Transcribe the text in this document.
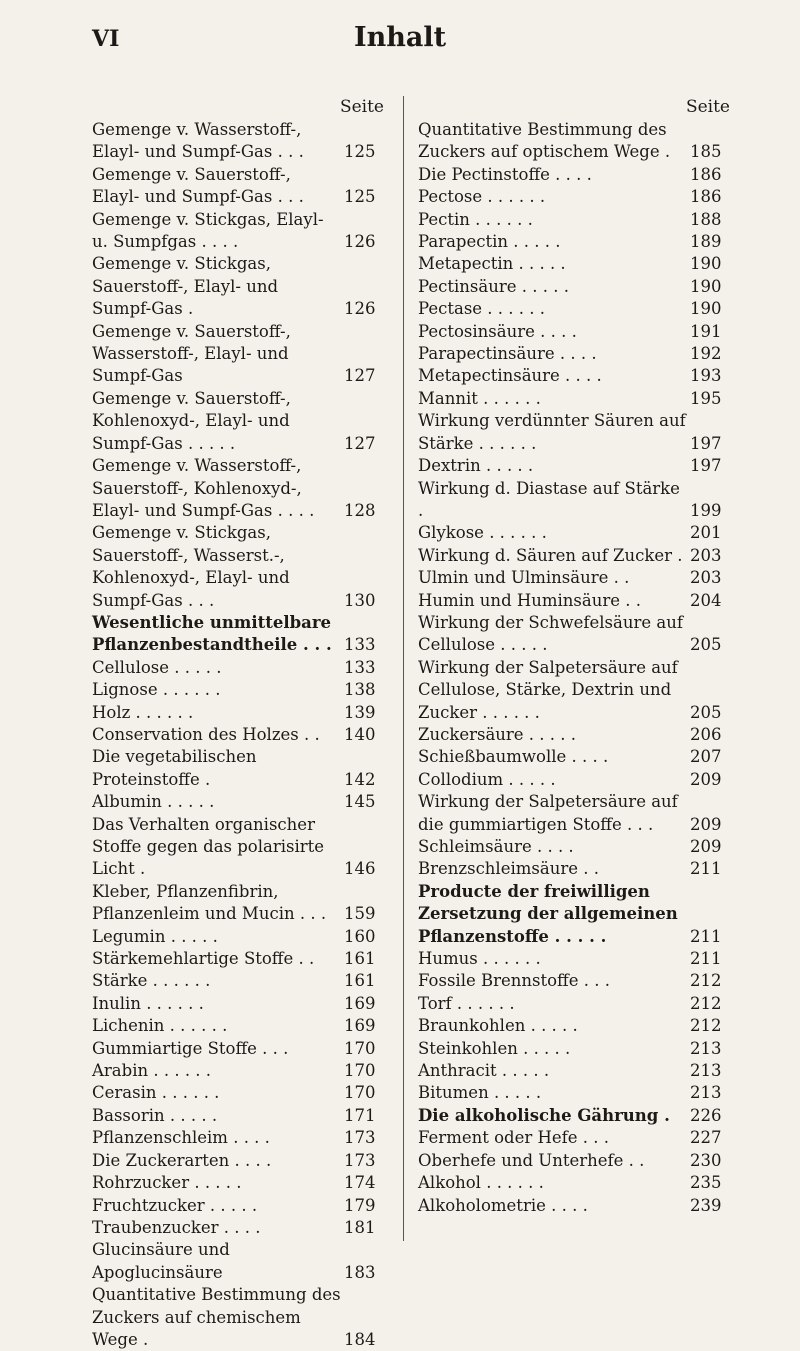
VI	Inhalt
Seite
Gemenge v. Wasserstoff-, Elayl- und Sumpf-Gas . . .	125
Gemenge v. Sauerstoff-, Elayl- und Sumpf-Gas . . .	125
Gemenge v. Stickgas, Elayl- u. Sumpfgas . . . .	126
Gemenge v. Stickgas, Sauerstoff-, Elayl- und Sumpf-Gas .	126
Gemenge v. Sauerstoff-, Wasserstoff-, Elayl- und Sumpf-Gas	127
Gemenge v. Sauerstoff-, Kohlenoxyd-, Elayl- und Sumpf-Gas . . . . .	127
Gemenge v. Wasserstoff-, Sauerstoff-, Kohlenoxyd-, Elayl- und Sumpf-Gas . . . .	128
Gemenge v. Stickgas, Sauerstoff-, Wasserst.-, Kohlenoxyd-, Elayl- und Sumpf-Gas . . .	130
Wesentliche unmittelbare Pflanzenbestandtheile . . . 133
Cellulose . . . . .	133
Lignose . . . . . .	138
Holz . . . . . .	139
Conservation des Holzes . .	140
Die vegetabilischen Proteinstoffe .	142
Albumin . . . . .	145
Das Verhalten organischer Stoffe gegen das polarisirte Licht .	146
Kleber, Pflanzenfibrin, Pflanzenleim und Mucin . . .	159
Legumin . . . . .	160
Stärkemehlartige Stoffe . .	161
Stärke . . . . . .	161
Inulin . . . . . .	169
Lichenin . . . . . .	169
Gummiartige Stoffe . . .	170
Arabin . . . . . .	170
Cerasin . . . . . .	170
Bassorin . . . . .	171
Pflanzenschleim . . . .	173
Die Zuckerarten . . . .	173
Rohrzucker . . . . .	174
Fruchtzucker . . . . .	179
Traubenzucker . . . .	181
Glucinsäure und Apoglucinsäure	183
Quantitative Bestimmung des Zuckers auf chemischem Wege .	184
Seite
Quantitative Bestimmung des Zuckers auf optischem Wege .	185
Die Pectinstoffe . . . .	186
Pectose . . . . . .	186
Pectin . . . . . .	188
Parapectin . . . . .	189
Metapectin . . . . .	190
Pectinsäure . . . . .	190
Pectase . . . . . .	190
Pectosinsäure . . . .	191
Parapectinsäure . . . .	192
Metapectinsäure . . . .	193
Mannit . . . . . .	195
Wirkung verdünnter Säuren auf Stärke . . . . . .	197
Dextrin . . . . .	197
Wirkung d. Diastase auf Stärke .	199
Glykose . . . . . .	201
Wirkung d. Säuren auf Zucker . 203
Ulmin und Ulminsäure . .	203
Humin und Huminsäure . .	204
Wirkung der Schwefelsäure auf Cellulose . . . . .	205
Wirkung der Salpetersäure auf Cellulose, Stärke, Dextrin und Zucker . . . . . .	205
Zuckersäure . . . . .	206
Schießbaumwolle . . . .	207
Collodium . . . . .	209
Wirkung der Salpetersäure auf die gummiartigen Stoffe . . .	209
Schleimsäure . . . .	209
Brenzschleimsäure . .	211
Producte der freiwilligen Zersetzung der allgemeinen Pflanzenstoffe . . . . .	211
Humus . . . . . .	211
Fossile Brennstoffe . . .	212
Torf . . . . . .	212
Braunkohlen . . . . .	212
Steinkohlen . . . . .	213
Anthracit . . . . .	213
Bitumen . . . . .	213
Die alkoholische Gährung .	226
Ferment oder Hefe . . .	227
Oberhefe und Unterhefe . .	230
Alkohol . . . . . .	235
Alkoholometrie . . . .	239
